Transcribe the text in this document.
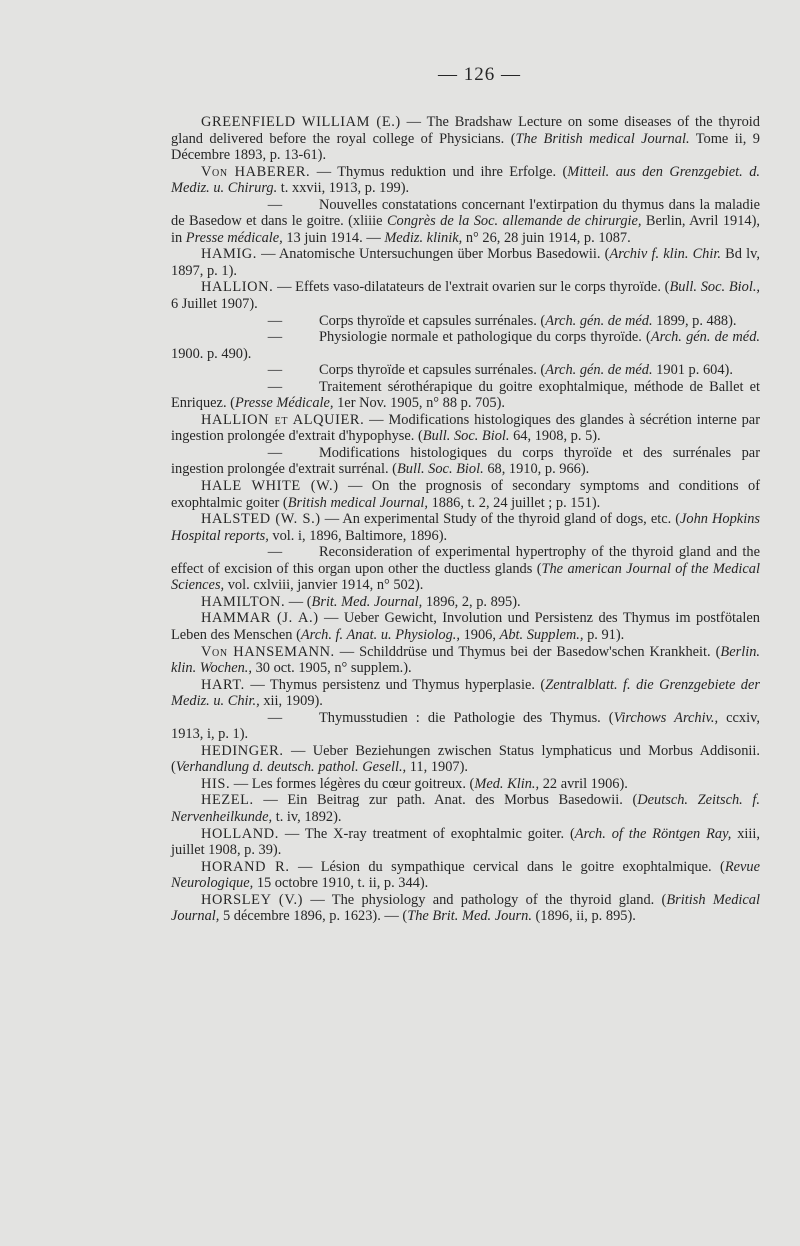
— 126 —

GREENFIELD WILLIAM (E.) — The Bradshaw Lecture on some diseases of the thyroid gland delivered before the royal college of Physicians. (The British medical Journal. Tome ii, 9 Décembre 1893, p. 13-61).

Von HABERER. — Thymus reduktion und ihre Erfolge. (Mitteil. aus den Grenzgebiet. d. Mediz. u. Chirurg. t. xxvii, 1913, p. 199).

—	Nouvelles constatations concernant l'extirpation du thymus dans la maladie de Basedow et dans le goitre. (xliiie Congrès de la Soc. allemande de chirurgie, Berlin, Avril 1914), in Presse médicale, 13 juin 1914. — Mediz. klinik, n° 26, 28 juin 1914, p. 1087.

HAMIG. — Anatomische Untersuchungen über Morbus Basedowii. (Archiv f. klin. Chir. Bd lv, 1897, p. 1).

HALLION. — Effets vaso-dilatateurs de l'extrait ovarien sur le corps thyroïde. (Bull. Soc. Biol., 6 Juillet 1907).

—	Corps thyroïde et capsules surrénales. (Arch. gén. de méd. 1899, p. 488).

—	Physiologie normale et pathologique du corps thyroïde. (Arch. gén. de méd. 1900. p. 490).

—	Corps thyroïde et capsules surrénales. (Arch. gén. de méd. 1901 p. 604).

—	Traitement sérothérapique du goitre exophtalmique, méthode de Ballet et Enriquez. (Presse Médicale, 1er Nov. 1905, n° 88 p. 705).

HALLION et ALQUIER. — Modifications histologiques des glandes à sécrétion interne par ingestion prolongée d'extrait d'hypophyse. (Bull. Soc. Biol. 64, 1908, p. 5).

—	Modifications histologiques du corps thyroïde et des surrénales par ingestion prolongée d'extrait surrénal. (Bull. Soc. Biol. 68, 1910, p. 966).

HALE WHITE (W.) — On the prognosis of secondary symptoms and conditions of exophtalmic goiter (British medical Journal, 1886, t. 2, 24 juillet ; p. 151).

HALSTED (W. S.) — An experimental Study of the thyroid gland of dogs, etc. (John Hopkins Hospital reports, vol. i, 1896, Baltimore, 1896).

—	Reconsideration of experimental hypertrophy of the thyroid gland and the effect of excision of this organ upon other the ductless glands (The american Journal of the Medical Sciences, vol. cxlviii, janvier 1914, n° 502).

HAMILTON. — (Brit. Med. Journal, 1896, 2, p. 895).

HAMMAR (J. A.) — Ueber Gewicht, Involution und Persistenz des Thymus im postfötalen Leben des Menschen (Arch. f. Anat. u. Physiolog., 1906, Abt. Supplem., p. 91).

Von HANSEMANN. — Schilddrüse und Thymus bei der Basedow'schen Krankheit. (Berlin. klin. Wochen., 30 oct. 1905, n° supplem.).

HART. — Thymus persistenz und Thymus hyperplasie. (Zentralblatt. f. die Grenzgebiete der Mediz. u. Chir., xii, 1909).

—	Thymusstudien : die Pathologie des Thymus. (Virchows Archiv., ccxiv, 1913, i, p. 1).

HEDINGER. — Ueber Beziehungen zwischen Status lymphaticus und Morbus Addisonii. (Verhandlung d. deutsch. pathol. Gesell., 11, 1907).

HIS. — Les formes légères du cœur goitreux. (Med. Klin., 22 avril 1906).

HEZEL. — Ein Beitrag zur path. Anat. des Morbus Basedowii. (Deutsch. Zeitsch. f. Nervenheilkunde, t. iv, 1892).

HOLLAND. — The X-ray treatment of exophtalmic goiter. (Arch. of the Röntgen Ray, xiii, juillet 1908, p. 39).

HORAND R. — Lésion du sympathique cervical dans le goitre exophtalmique. (Revue Neurologique, 15 octobre 1910, t. ii, p. 344).

HORSLEY (V.) — The physiology and pathology of the thyroid gland. (British Medical Journal, 5 décembre 1896, p. 1623). — (The Brit. Med. Journ. (1896, ii, p. 895).
